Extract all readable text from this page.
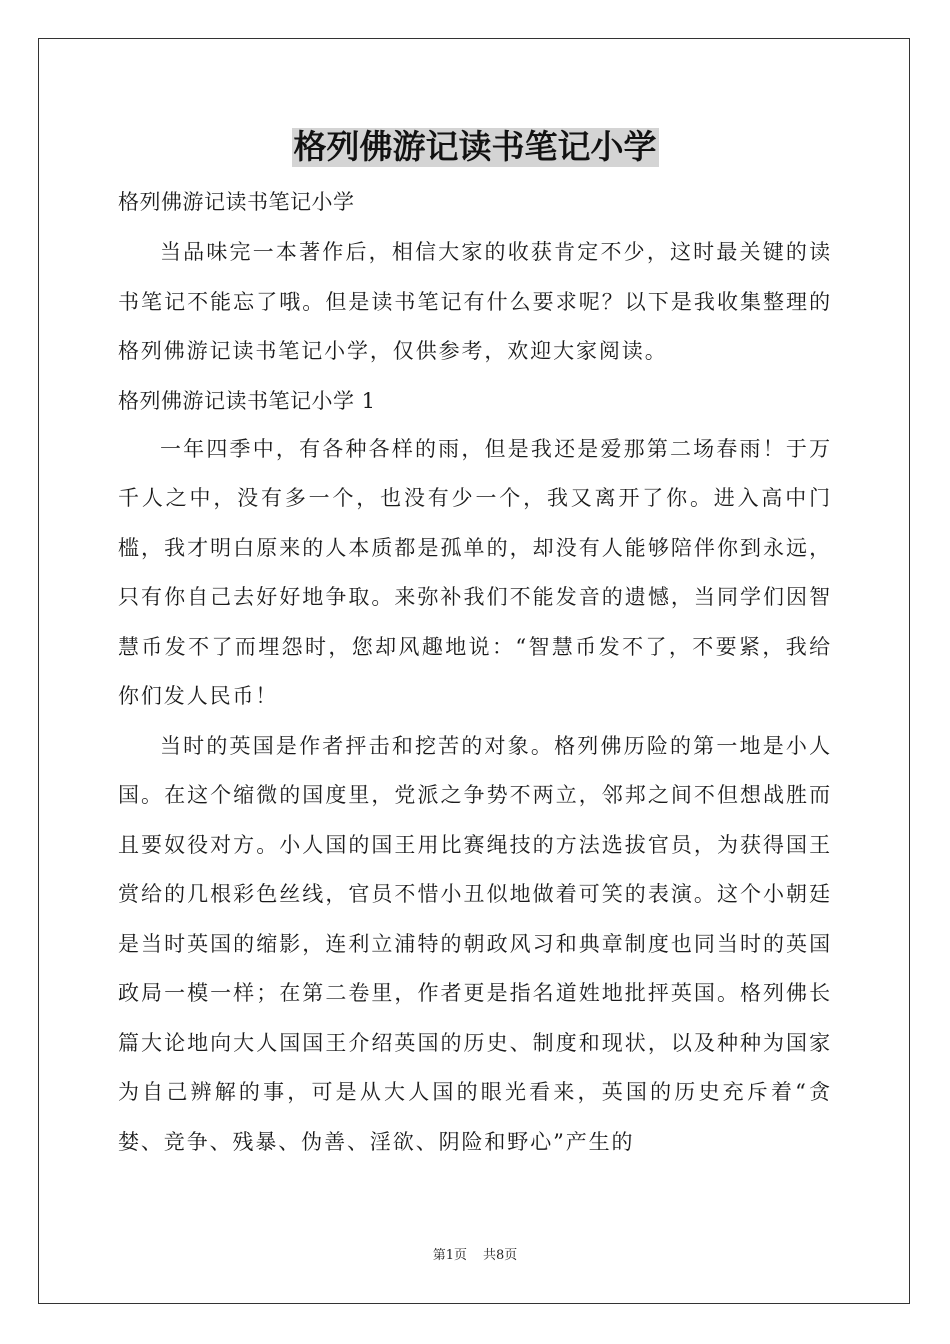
格列佛游记读书笔记小学

格列佛游记读书笔记小学

当品味完一本著作后，相信大家的收获肯定不少，这时最关键的读书笔记不能忘了哦。但是读书笔记有什么要求呢？以下是我收集整理的格列佛游记读书笔记小学，仅供参考，欢迎大家阅读。

格列佛游记读书笔记小学 1

一年四季中，有各种各样的雨，但是我还是爱那第二场春雨！于万千人之中，没有多一个，也没有少一个，我又离开了你。进入高中门槛，我才明白原来的人本质都是孤单的，却没有人能够陪伴你到永远，只有你自己去好好地争取。来弥补我们不能发音的遗憾，当同学们因智慧币发不了而埋怨时，您却风趣地说：“智慧币发不了，不要紧，我给你们发人民币！

当时的英国是作者抨击和挖苦的对象。格列佛历险的第一地是小人国。在这个缩微的国度里，党派之争势不两立，邻邦之间不但想战胜而且要奴役对方。小人国的国王用比赛绳技的方法选拔官员，为获得国王赏给的几根彩色丝线，官员不惜小丑似地做着可笑的表演。这个小朝廷是当时英国的缩影，连利立浦特的朝政风习和典章制度也同当时的英国政局一模一样；在第二卷里，作者更是指名道姓地批抨英国。格列佛长篇大论地向大人国国王介绍英国的历史、制度和现状，以及种种为国家为自己辨解的事，可是从大人国的眼光看来，英国的历史充斥着“贪婪、竞争、残暴、伪善、淫欲、阴险和野心”产生的

第1页 共8页
